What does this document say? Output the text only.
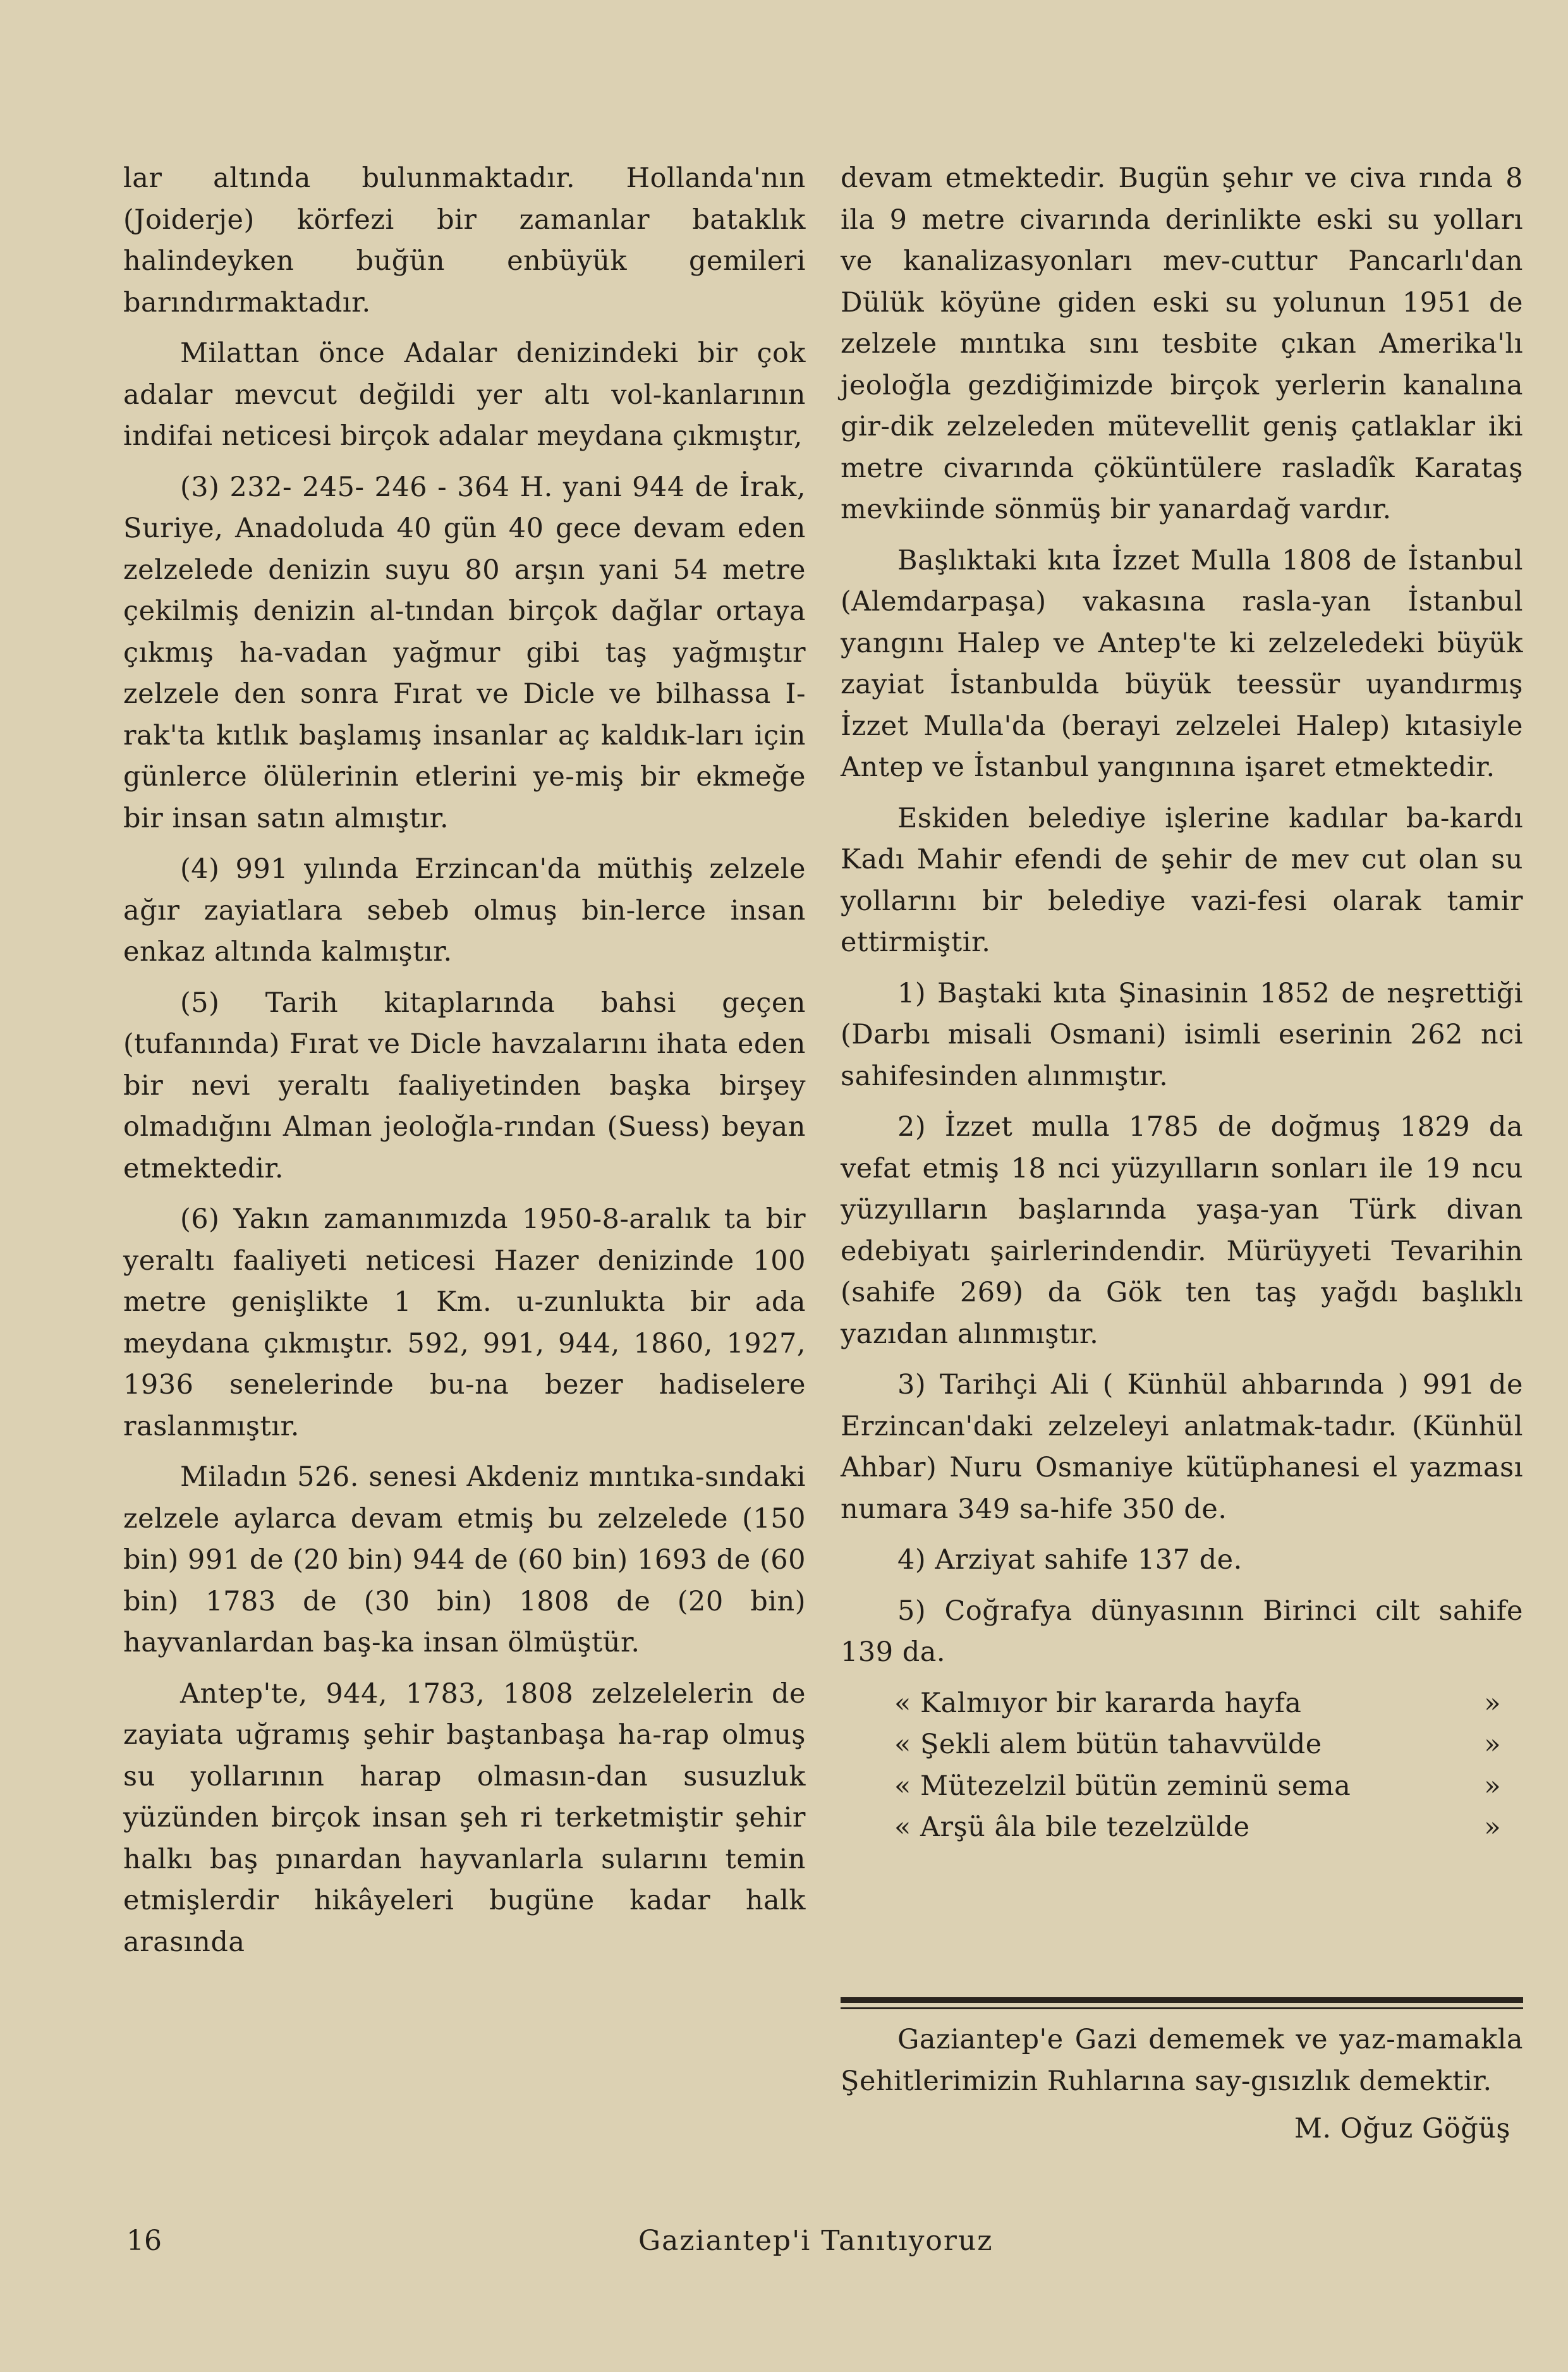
lar altında bulunmaktadır. Hollanda'nın (Joiderje) körfezi bir zamanlar bataklık halindeyken buğün enbüyük gemileri barındırmaktadır.

Milattan önce Adalar denizindeki bir çok adalar mevcut değildi yer altı vol-kanlarının indifai neticesi birçok adalar meydana çıkmıştır,

(3) 232- 245- 246 - 364 H. yani 944 de İrak, Suriye, Anadoluda 40 gün 40 gece devam eden zelzelede denizin suyu 80 arşın yani 54 metre çekilmiş denizin al-tından birçok dağlar ortaya çıkmış ha-vadan yağmur gibi taş yağmıştır zelzele den sonra Fırat ve Dicle ve bilhassa I-rak'ta kıtlık başlamış insanlar aç kaldık-ları için günlerce ölülerinin etlerini ye-miş bir ekmeğe bir insan satın almıştır.

(4) 991 yılında Erzincan'da müthiş zelzele ağır zayiatlara sebeb olmuş bin-lerce insan enkaz altında kalmıştır.

(5) Tarih kitaplarında bahsi geçen (tufanında) Fırat ve Dicle havzalarını ihata eden bir nevi yeraltı faaliyetinden başka birşey olmadığını Alman jeoloğla-rından (Suess) beyan etmektedir.

(6) Yakın zamanımızda 1950-8-aralık ta bir yeraltı faaliyeti neticesi Hazer denizinde 100 metre genişlikte 1 Km. u-zunlukta bir ada meydana çıkmıştır. 592, 991, 944, 1860, 1927, 1936 senelerinde bu-na bezer hadiselere raslanmıştır.

Miladın 526. senesi Akdeniz mıntıka-sındaki zelzele aylarca devam etmiş bu zelzelede (150 bin) 991 de (20 bin) 944 de (60 bin) 1693 de (60 bin) 1783 de (30 bin) 1808 de (20 bin) hayvanlardan baş-ka insan ölmüştür.

Antep'te, 944, 1783, 1808 zelzelelerin de zayiata uğramış şehir baştanbaşa ha-rap olmuş su yollarının harap olmasın-dan susuzluk yüzünden birçok insan şeh ri terketmiştir şehir halkı baş pınardan hayvanlarla sularını temin etmişlerdir hikâyeleri bugüne kadar halk arasında

devam etmektedir. Bugün şehır ve civa rında 8 ila 9 metre civarında derinlikte eski su yolları ve kanalizasyonları mev-cuttur Pancarlı'dan Dülük köyüne giden eski su yolunun 1951 de zelzele mıntıka sını tesbite çıkan Amerika'lı jeoloğla gezdiğimizde birçok yerlerin kanalına gir-dik zelzeleden mütevellit geniş çatlaklar iki metre civarında çöküntülere rasladîk Karataş mevkiinde sönmüş bir yanardağ vardır.

Başlıktaki kıta İzzet Mulla 1808 de İstanbul (Alemdarpaşa) vakasına rasla-yan İstanbul yangını Halep ve Antep'te ki zelzeledeki büyük zayiat İstanbulda büyük teessür uyandırmış İzzet Mulla'da (berayi zelzelei Halep) kıtasiyle Antep ve İstanbul yangınına işaret etmektedir.

Eskiden belediye işlerine kadılar ba-kardı Kadı Mahir efendi de şehir de mev cut olan su yollarını bir belediye vazi-fesi olarak tamir ettirmiştir.

1) Baştaki kıta Şinasinin 1852 de neşrettiği (Darbı misali Osmani) isimli eserinin 262 nci sahifesinden alınmıştır.

2) İzzet mulla 1785 de doğmuş 1829 da vefat etmiş 18 nci yüzyılların sonları ile 19 ncu yüzyılların başlarında yaşa-yan Türk divan edebiyatı şairlerindendir. Mürüyyeti Tevarihin (sahife 269) da Gök ten taş yağdı başlıklı yazıdan alınmıştır.

3) Tarihçi Ali ( Künhül ahbarında ) 991 de Erzincan'daki zelzeleyi anlatmak-tadır. (Künhül Ahbar) Nuru Osmaniye kütüphanesi el yazması numara 349 sa-hife 350 de.

4) Arziyat sahife 137 de.

5) Coğrafya dünyasının Birinci cilt sahife 139 da.

« Kalmıyor bir kararda hayfa	»
« Şekli alem bütün tahavvülde	»
« Mütezelzil bütün zeminü sema	»
« Arşü âla bile tezelzülde	»

Gaziantep'e Gazi dememek ve yaz-mamakla Şehitlerimizin Ruhlarına say-gısızlık demektir.

M. Oğuz Göğüş

16	Gaziantep'i Tanıtıyoruz
